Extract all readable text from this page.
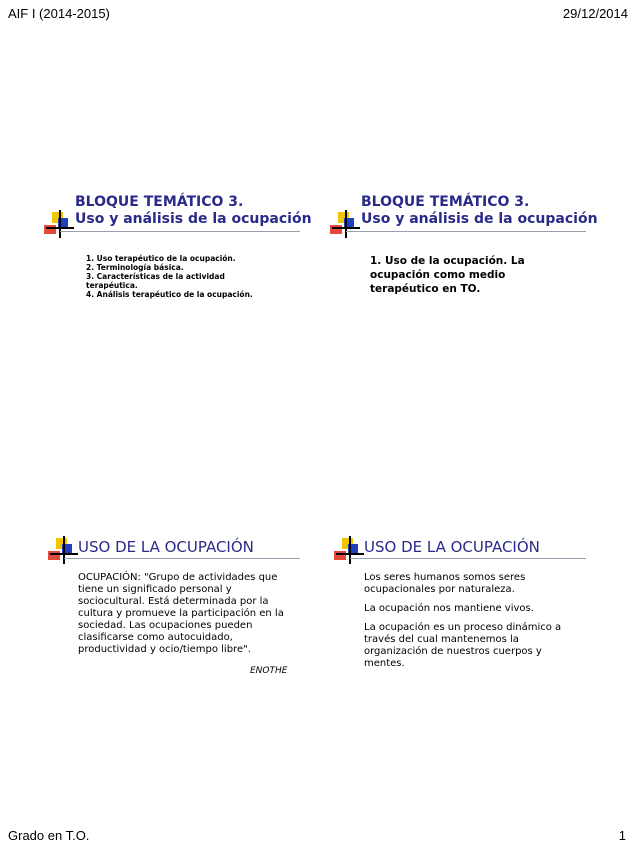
AIF I (2014-2015)	29/12/2014
Grado en T.O.	1
BLOQUE TEMÁTICO 3.
Uso y análisis de la ocupación
1. Uso terapéutico de la ocupación.
2. Terminología básica.
3. Características de la actividad terapéutica.
4. Análisis terapéutico de la ocupación.
BLOQUE TEMÁTICO 3.
Uso y análisis de la ocupación
1. Uso de la ocupación. La ocupación como medio terapéutico en TO.
USO DE LA OCUPACIÓN
OCUPACIÓN: "Grupo de actividades que tiene un significado personal y sociocultural. Está determinada por la cultura y promueve la participación en la sociedad. Las ocupaciones pueden clasificarse como autocuidado, productividad y ocio/tiempo libre".
ENOTHE
USO DE LA OCUPACIÓN

Los seres humanos somos seres ocupacionales por naturaleza.

La ocupación nos mantiene vivos.

La ocupación es un proceso dinámico a través del cual mantenemos la organización de nuestros cuerpos y mentes.
